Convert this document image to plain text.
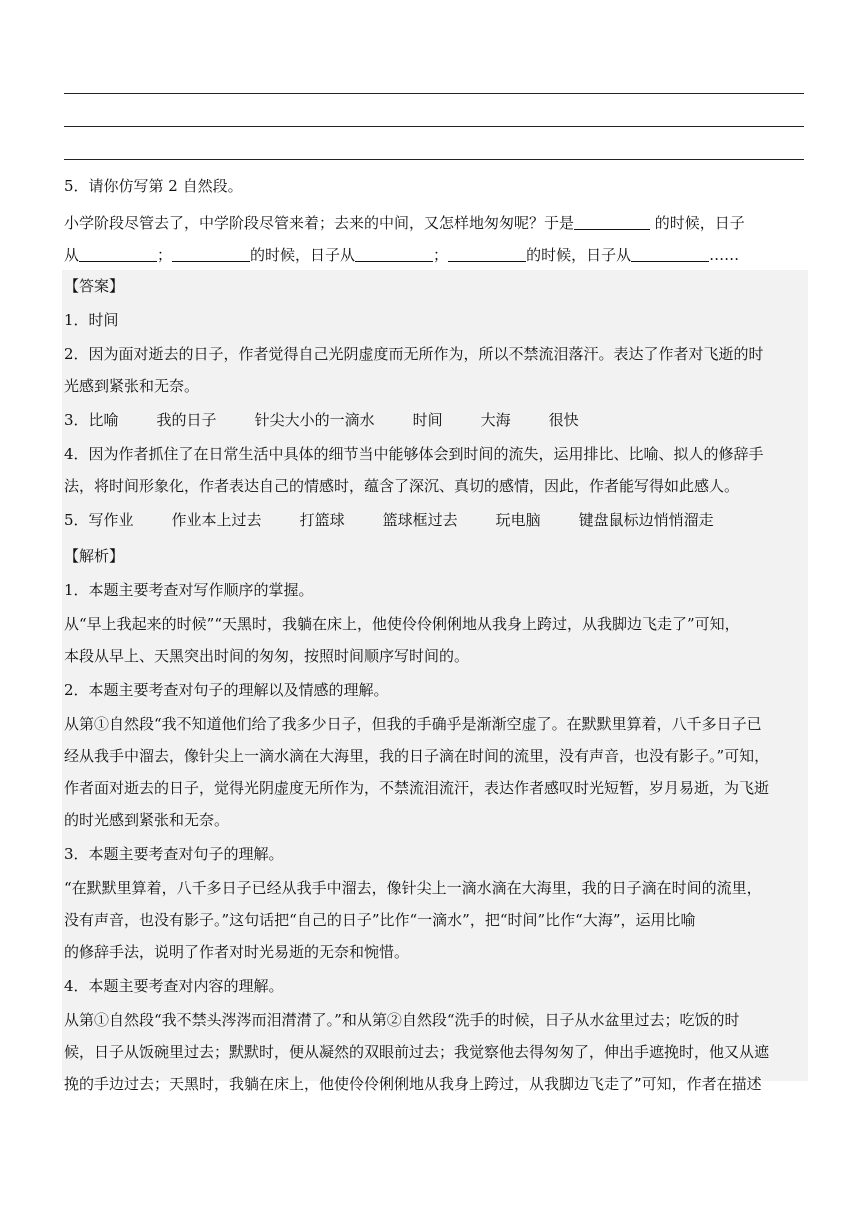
5．请你仿写第 2 自然段。
小学阶段尽管去了，中学阶段尽管来着；去来的中间，又怎样地匆匆呢？于是	的时候，日子
从	；	的时候，日子从	；	的时候，日子从	……
【答案】
1．时间
2．因为面对逝去的日子，作者觉得自己光阴虚度而无所作为，所以不禁流泪落汗。表达了作者对飞逝的时
光感到紧张和无奈。
3．比喻	我的日子	针尖大小的一滴水	时间	大海	很快
4．因为作者抓住了在日常生活中具体的细节当中能够体会到时间的流失，运用排比、比喻、拟人的修辞手
法，将时间形象化，作者表达自己的情感时，蕴含了深沉、真切的感情，因此，作者能写得如此感人。
5．写作业	作业本上过去	打篮球	篮球框过去	玩电脑	键盘鼠标边悄悄溜走
【解析】
1．本题主要考查对写作顺序的掌握。
从“早上我起来的时候”“天黑时，我躺在床上，他使伶伶俐俐地从我身上跨过，从我脚边飞走了”可知，
本段从早上、天黑突出时间的匆匆，按照时间顺序写时间的。
2．本题主要考查对句子的理解以及情感的理解。
从第①自然段“我不知道他们给了我多少日子，但我的手确乎是渐渐空虚了。在默默里算着，八千多日子已
经从我手中溜去，像针尖上一滴水滴在大海里，我的日子滴在时间的流里，没有声音，也没有影子。”可知，
作者面对逝去的日子，觉得光阴虚度无所作为，不禁流泪流汗，表达作者感叹时光短暂，岁月易逝，为飞逝
的时光感到紧张和无奈。
3．本题主要考查对句子的理解。
“在默默里算着，八千多日子已经从我手中溜去，像针尖上一滴水滴在大海里，我的日子滴在时间的流里，
没有声音，也没有影子。”这句话把“自己的日子”比作“一滴水”，把“时间”比作“大海”，运用比喻
的修辞手法，说明了作者对时光易逝的无奈和惋惜。
4．本题主要考查对内容的理解。
从第①自然段“我不禁头涔涔而泪潸潸了。”和从第②自然段“洗手的时候，日子从水盆里过去；吃饭的时
候，日子从饭碗里过去；默默时，便从凝然的双眼前过去；我觉察他去得匆匆了，伸出手遮挽时，他又从遮
挽的手边过去；天黑时，我躺在床上，他使伶伶俐俐地从我身上跨过，从我脚边飞走了”可知，作者在描述
